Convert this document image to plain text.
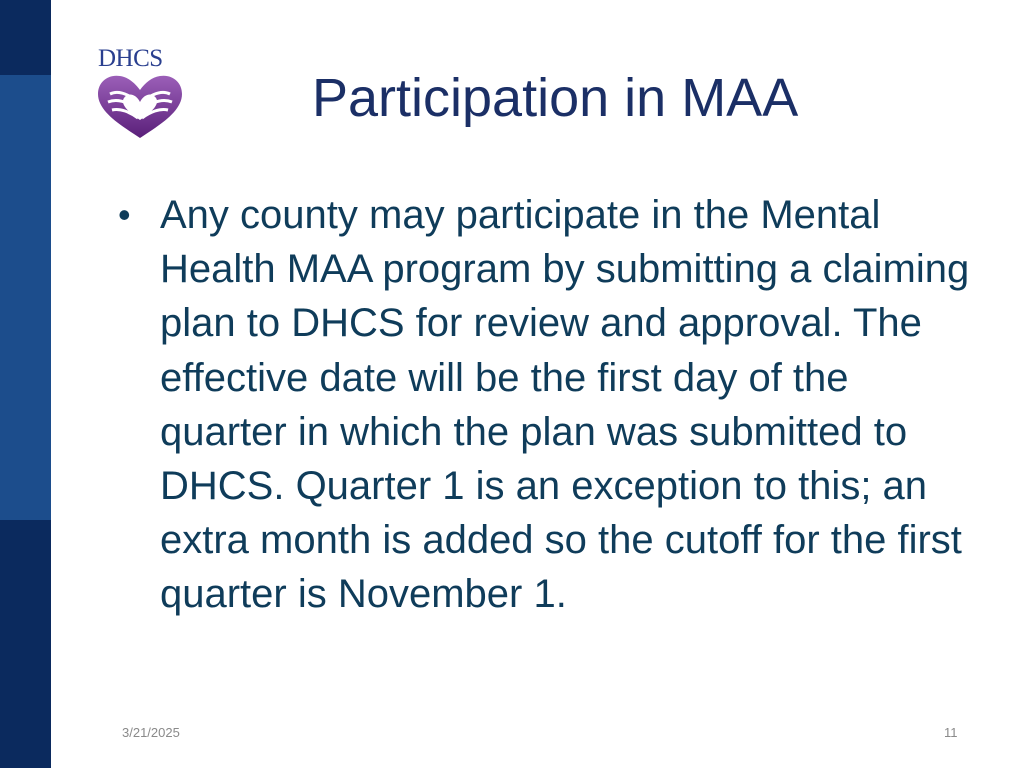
DHCS
Participation in MAA
• Any county may participate in the Mental Health MAA program by submitting a claiming plan to DHCS for review and approval. The effective date will be the first day of the quarter in which the plan was submitted to DHCS. Quarter 1 is an exception to this; an extra month is added so the cutoff for the first quarter is November 1.

3/21/2025	11
